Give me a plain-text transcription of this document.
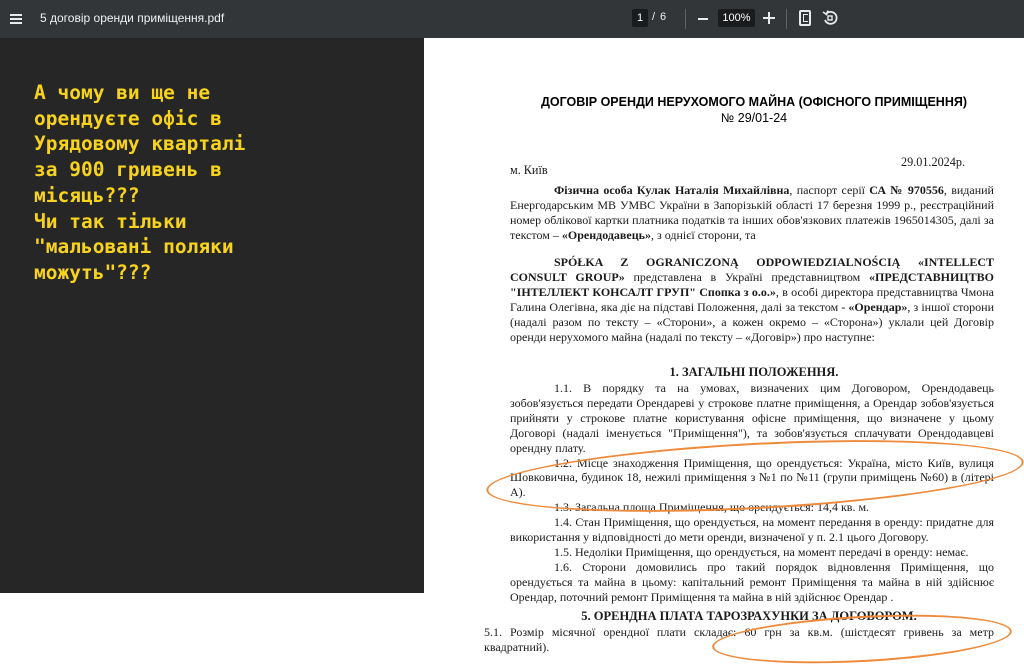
5 договір оренди приміщення.pdf	1 / 6	100%
А чому ви ще не
орендуєте офіс в
Урядовому кварталі
за 900 гривень в
місяць???
Чи так тільки
"мальовані поляки
можуть"???
ДОГОВІР ОРЕНДИ НЕРУХОМОГО МАЙНА (ОФІСНОГО ПРИМІЩЕННЯ)
№ 29/01-24
29.01.2024р.
м. Київ
Фізична особа Кулак Наталія Михайлівна, паспорт серії СА № 970556, виданий Енергодарським МВ УМВС України в Запорізькій області 17 березня 1999 р., реєстраційний номер облікової картки платника податків та інших обов'язкових платежів 1965014305, далі за текстом – «Орендодавець», з однієї сторони, та
SPÓŁKA Z OGRANICZONĄ ODPOWIEDZIALNOŚCIĄ «INTELLECT CONSULT GROUP» представлена в Україні представництвом «ПРЕДСТАВНИЦТВО "ІНТЕЛЛЕКТ КОНСАЛТ ГРУП" Спопка з о.о.», в особі директора представництва Чмона Галина Олегівна, яка діє на підставі Положення, далі за текстом - «Орендар», з іншої сторони (надалі разом по тексту – «Сторони», а кожен окремо – «Сторона») уклали цей Договір оренди нерухомого майна (надалі по тексту – «Договір») про наступне:
1. ЗАГАЛЬНІ ПОЛОЖЕННЯ.
1.1. В порядку та на умовах, визначених цим Договором, Орендодавець зобов'язується передати Орендареві у строкове платне приміщення, а Орендар зобов'язується прийняти у строкове платне користування офісне приміщення, що визначене у цьому Договорі (надалі іменується "Приміщення"), та зобов'язується сплачувати Орендодавцеві орендну плату.
1.2. Місце знаходження Приміщення, що орендується: Україна, місто Київ, вулиця Шовковична, будинок 18, нежилі приміщення з №1 по №11 (групи приміщень №60) в (літері А).
1.3. Загальна площа Приміщення, що орендується: 14,4 кв. м.
1.4. Стан Приміщення, що орендується, на момент передання в оренду: придатне для використання у відповідності до мети оренди, визначеної у п. 2.1 цього Договору.
1.5. Недоліки Приміщення, що орендується, на момент передачі в оренду: немає.
1.6. Сторони домовились про такий порядок відновлення Приміщення, що орендується та майна в цьому: капітальний ремонт Приміщення та майна в ній здійснює Орендар, поточний ремонт Приміщення та майна в ній здійснює Орендар .
5. ОРЕНДНА ПЛАТА ТАРОЗРАХУНКИ ЗА ДОГОВОРОМ.
5.1. Розмір місячної орендної плати складає: 60 грн за кв.м. (шістдесят гривень за метр квадратний).
